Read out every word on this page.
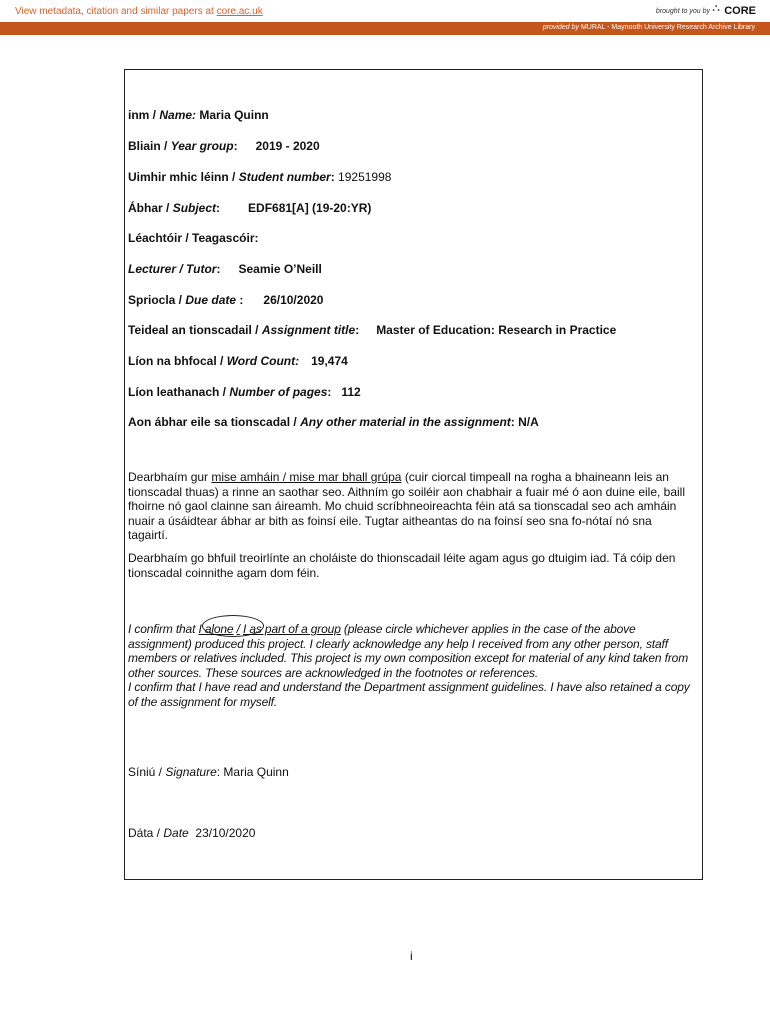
View metadata, citation and similar papers at core.ac.uk	brought to you by ⛬ CORE
provided by MURAL - Maynooth University Research Archive Library
inm / Name: Maria Quinn
Bliain / Year group: 2019 - 2020
Uimhir mhic léinn / Student number: 19251998
Ábhar / Subject: EDF681[A] (19-20:YR)
Léachtóir / Teagascóir:
Lecturer / Tutor: Seamie O’Neill
Spriocla / Due date : 26/10/2020
Teideal an tionscadail / Assignment title: Master of Education: Research in Practice
Líon na bhfocal / Word Count: 19,474
Líon leathanach / Number of pages: 112
Aon ábhar eile sa tionscadal / Any other material in the assignment: N/A
Dearbhaím gur mise amháin / mise mar bhall grúpa (cuir ciorcal timpeall na rogha a bhaineann leis an tionscadal thuas) a rinne an saothar seo. Aithním go soiléir aon chabhair a fuair mé ó aon duine eile, baill fhoirne nó gaol clainne san áireamh. Mo chuid scríbhneoireachta féin atá sa tionscadal seo ach amháin nuair a úsáidtear ábhar ar bith as foinsí eile. Tugtar aitheantas do na foinsí seo sna fo-nótaí nó sna tagairtí.
Dearbhaím go bhfuil treoirlínte an choláiste do thionscadail léite agam agus go dtuigim iad. Tá cóip den tionscadal coinnithe agam dom féin.
I confirm that I alone / I as part of a group (please circle whichever applies in the case of the above assignment) produced this project. I clearly acknowledge any help I received from any other person, staff members or relatives included. This project is my own composition except for material of any kind taken from other sources. These sources are acknowledged in the footnotes or references.
I confirm that I have read and understand the Department assignment guidelines. I have also retained a copy of the assignment for myself.
Síniú / Signature: Maria Quinn
Dáta / Date 23/10/2020
i
